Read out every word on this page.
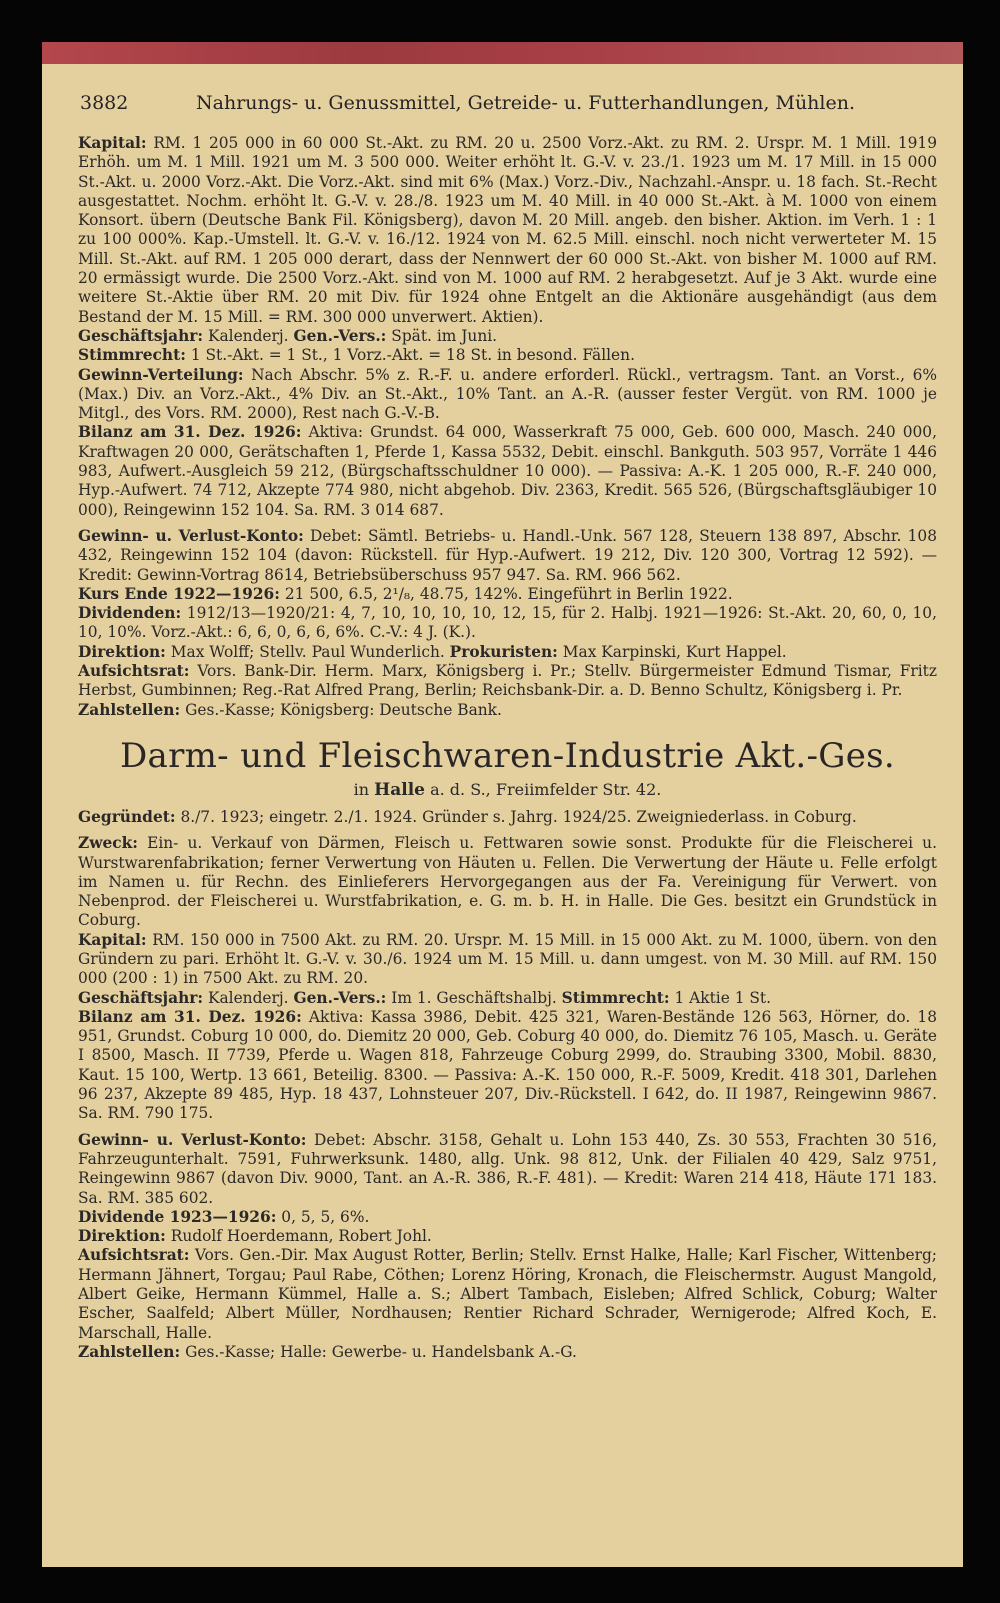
3882	Nahrungs- u. Genussmittel, Getreide- u. Futterhandlungen, Mühlen.

Kapital: RM. 1 205 000 in 60 000 St.-Akt. zu RM. 20 u. 2500 Vorz.-Akt. zu RM. 2. Urspr. M. 1 Mill. 1919 Erhöh. um M. 1 Mill. 1921 um M. 3 500 000. Weiter erhöht lt. G.-V. v. 23./1. 1923 um M. 17 Mill. in 15 000 St.-Akt. u. 2000 Vorz.-Akt. Die Vorz.-Akt. sind mit 6% (Max.) Vorz.-Div., Nachzahl.-Anspr. u. 18 fach. St.-Recht ausgestattet. Nochm. erhöht lt. G.-V. v. 28./8. 1923 um M. 40 Mill. in 40 000 St.-Akt. à M. 1000 von einem Konsort. übern (Deutsche Bank Fil. Königsberg), davon M. 20 Mill. angeb. den bisher. Aktion. im Verh. 1 : 1 zu 100 000%. Kap.-Umstell. lt. G.-V. v. 16./12. 1924 von M. 62.5 Mill. einschl. noch nicht verwerteter M. 15 Mill. St.-Akt. auf RM. 1 205 000 derart, dass der Nennwert der 60 000 St.-Akt. von bisher M. 1000 auf RM. 20 ermässigt wurde. Die 2500 Vorz.-Akt. sind von M. 1000 auf RM. 2 herabgesetzt. Auf je 3 Akt. wurde eine weitere St.-Aktie über RM. 20 mit Div. für 1924 ohne Entgelt an die Aktionäre ausgehändigt (aus dem Bestand der M. 15 Mill. = RM. 300 000 unverwert. Aktien).

Geschäftsjahr: Kalenderj. Gen.-Vers.: Spät. im Juni.

Stimmrecht: 1 St.-Akt. = 1 St., 1 Vorz.-Akt. = 18 St. in besond. Fällen.

Gewinn-Verteilung: Nach Abschr. 5% z. R.-F. u. andere erforderl. Rückl., vertragsm. Tant. an Vorst., 6% (Max.) Div. an Vorz.-Akt., 4% Div. an St.-Akt., 10% Tant. an A.-R. (ausser fester Vergüt. von RM. 1000 je Mitgl., des Vors. RM. 2000), Rest nach G.-V.-B.

Bilanz am 31. Dez. 1926: Aktiva: Grundst. 64 000, Wasserkraft 75 000, Geb. 600 000, Masch. 240 000, Kraftwagen 20 000, Gerätschaften 1, Pferde 1, Kassa 5532, Debit. einschl. Bankguth. 503 957, Vorräte 1 446 983, Aufwert.-Ausgleich 59 212, (Bürgschaftsschuldner 10 000). — Passiva: A.-K. 1 205 000, R.-F. 240 000, Hyp.-Aufwert. 74 712, Akzepte 774 980, nicht abgehob. Div. 2363, Kredit. 565 526, (Bürgschaftsgläubiger 10 000), Reingewinn 152 104. Sa. RM. 3 014 687.

Gewinn- u. Verlust-Konto: Debet: Sämtl. Betriebs- u. Handl.-Unk. 567 128, Steuern 138 897, Abschr. 108 432, Reingewinn 152 104 (davon: Rückstell. für Hyp.-Aufwert. 19 212, Div. 120 300, Vortrag 12 592). — Kredit: Gewinn-Vortrag 8614, Betriebsüberschuss 957 947. Sa. RM. 966 562.

Kurs Ende 1922—1926: 21 500, 6.5, 2¹/₈, 48.75, 142%. Eingeführt in Berlin 1922.

Dividenden: 1912/13—1920/21: 4, 7, 10, 10, 10, 10, 12, 15, für 2. Halbj. 1921—1926: St.-Akt. 20, 60, 0, 10, 10, 10%. Vorz.-Akt.: 6, 6, 0, 6, 6, 6%. C.-V.: 4 J. (K.).

Direktion: Max Wolff; Stellv. Paul Wunderlich. Prokuristen: Max Karpinski, Kurt Happel.

Aufsichtsrat: Vors. Bank-Dir. Herm. Marx, Königsberg i. Pr.; Stellv. Bürgermeister Edmund Tismar, Fritz Herbst, Gumbinnen; Reg.-Rat Alfred Prang, Berlin; Reichsbank-Dir. a. D. Benno Schultz, Königsberg i. Pr.

Zahlstellen: Ges.-Kasse; Königsberg: Deutsche Bank.

Darm- und Fleischwaren-Industrie Akt.-Ges.
in Halle a. d. S., Freiimfelder Str. 42.

Gegründet: 8./7. 1923; eingetr. 2./1. 1924. Gründer s. Jahrg. 1924/25. Zweigniederlass. in Coburg.

Zweck: Ein- u. Verkauf von Därmen, Fleisch u. Fettwaren sowie sonst. Produkte für die Fleischerei u. Wurstwarenfabrikation; ferner Verwertung von Häuten u. Fellen. Die Verwertung der Häute u. Felle erfolgt im Namen u. für Rechn. des Einlieferers Hervorgegangen aus der Fa. Vereinigung für Verwert. von Nebenprod. der Fleischerei u. Wurstfabrikation, e. G. m. b. H. in Halle. Die Ges. besitzt ein Grundstück in Coburg.

Kapital: RM. 150 000 in 7500 Akt. zu RM. 20. Urspr. M. 15 Mill. in 15 000 Akt. zu M. 1000, übern. von den Gründern zu pari. Erhöht lt. G.-V. v. 30./6. 1924 um M. 15 Mill. u. dann umgest. von M. 30 Mill. auf RM. 150 000 (200 : 1) in 7500 Akt. zu RM. 20.

Geschäftsjahr: Kalenderj. Gen.-Vers.: Im 1. Geschäftshalbj. Stimmrecht: 1 Aktie 1 St.

Bilanz am 31. Dez. 1926: Aktiva: Kassa 3986, Debit. 425 321, Waren-Bestände 126 563, Hörner, do. 18 951, Grundst. Coburg 10 000, do. Diemitz 20 000, Geb. Coburg 40 000, do. Diemitz 76 105, Masch. u. Geräte I 8500, Masch. II 7739, Pferde u. Wagen 818, Fahrzeuge Coburg 2999, do. Straubing 3300, Mobil. 8830, Kaut. 15 100, Wertp. 13 661, Beteilig. 8300. — Passiva: A.-K. 150 000, R.-F. 5009, Kredit. 418 301, Darlehen 96 237, Akzepte 89 485, Hyp. 18 437, Lohnsteuer 207, Div.-Rückstell. I 642, do. II 1987, Reingewinn 9867. Sa. RM. 790 175.

Gewinn- u. Verlust-Konto: Debet: Abschr. 3158, Gehalt u. Lohn 153 440, Zs. 30 553, Frachten 30 516, Fahrzeugunterhalt. 7591, Fuhrwerksunk. 1480, allg. Unk. 98 812, Unk. der Filialen 40 429, Salz 9751, Reingewinn 9867 (davon Div. 9000, Tant. an A.-R. 386, R.-F. 481). — Kredit: Waren 214 418, Häute 171 183. Sa. RM. 385 602.

Dividende 1923—1926: 0, 5, 5, 6%.

Direktion: Rudolf Hoerdemann, Robert Johl.

Aufsichtsrat: Vors. Gen.-Dir. Max August Rotter, Berlin; Stellv. Ernst Halke, Halle; Karl Fischer, Wittenberg; Hermann Jähnert, Torgau; Paul Rabe, Cöthen; Lorenz Höring, Kronach, die Fleischermstr. August Mangold, Albert Geike, Hermann Kümmel, Halle a. S.; Albert Tambach, Eisleben; Alfred Schlick, Coburg; Walter Escher, Saalfeld; Albert Müller, Nordhausen; Rentier Richard Schrader, Wernigerode; Alfred Koch, E. Marschall, Halle.

Zahlstellen: Ges.-Kasse; Halle: Gewerbe- u. Handelsbank A.-G.
